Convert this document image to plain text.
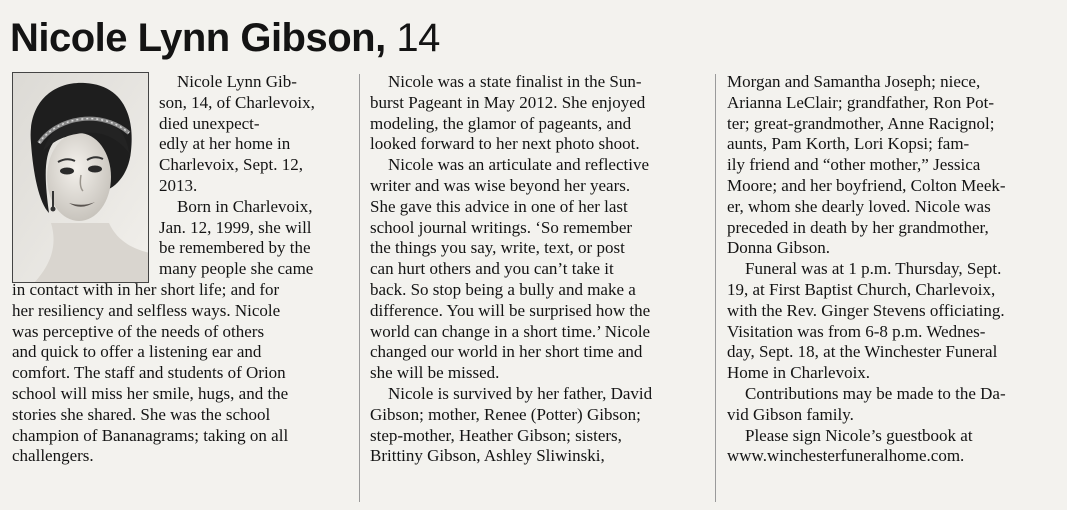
Nicole Lynn Gibson, 14
Nicole Lynn Gib-
son, 14, of Charlevoix,
died unexpect-
edly at her home in
Charlevoix, Sept. 12,
2013.
Born in Charlevoix,
Jan. 12, 1999, she will
be remembered by the
many people she came
in contact with in her short life; and for
her resiliency and selfless ways. Nicole
was perceptive of the needs of others
and quick to offer a listening ear and
comfort. The staff and students of Orion
school will miss her smile, hugs, and the
stories she shared. She was the school
champion of Bananagrams; taking on all
challengers.
Nicole was a state finalist in the Sun-
burst Pageant in May 2012. She enjoyed
modeling, the glamor of pageants, and
looked forward to her next photo shoot.
Nicole was an articulate and reflective
writer and was wise beyond her years.
She gave this advice in one of her last
school journal writings. ‘So remember
the things you say, write, text, or post
can hurt others and you can’t take it
back. So stop being a bully and make a
difference. You will be surprised how the
world can change in a short time.’ Nicole
changed our world in her short time and
she will be missed.
Nicole is survived by her father, David
Gibson; mother, Renee (Potter) Gibson;
step-mother, Heather Gibson; sisters,
Brittiny Gibson, Ashley Sliwinski,
Morgan and Samantha Joseph; niece,
Arianna LeClair; grandfather, Ron Pot-
ter; great-grandmother, Anne Racignol;
aunts, Pam Korth, Lori Kopsi; fam-
ily friend and “other mother,” Jessica
Moore; and her boyfriend, Colton Meek-
er, whom she dearly loved. Nicole was
preceded in death by her grandmother,
Donna Gibson.
Funeral was at 1 p.m. Thursday, Sept.
19, at First Baptist Church, Charlevoix,
with the Rev. Ginger Stevens officiating.
Visitation was from 6-8 p.m. Wednes-
day, Sept. 18, at the Winchester Funeral
Home in Charlevoix.
Contributions may be made to the Da-
vid Gibson family.
Please sign Nicole’s guestbook at
www.winchesterfuneralhome.com.
